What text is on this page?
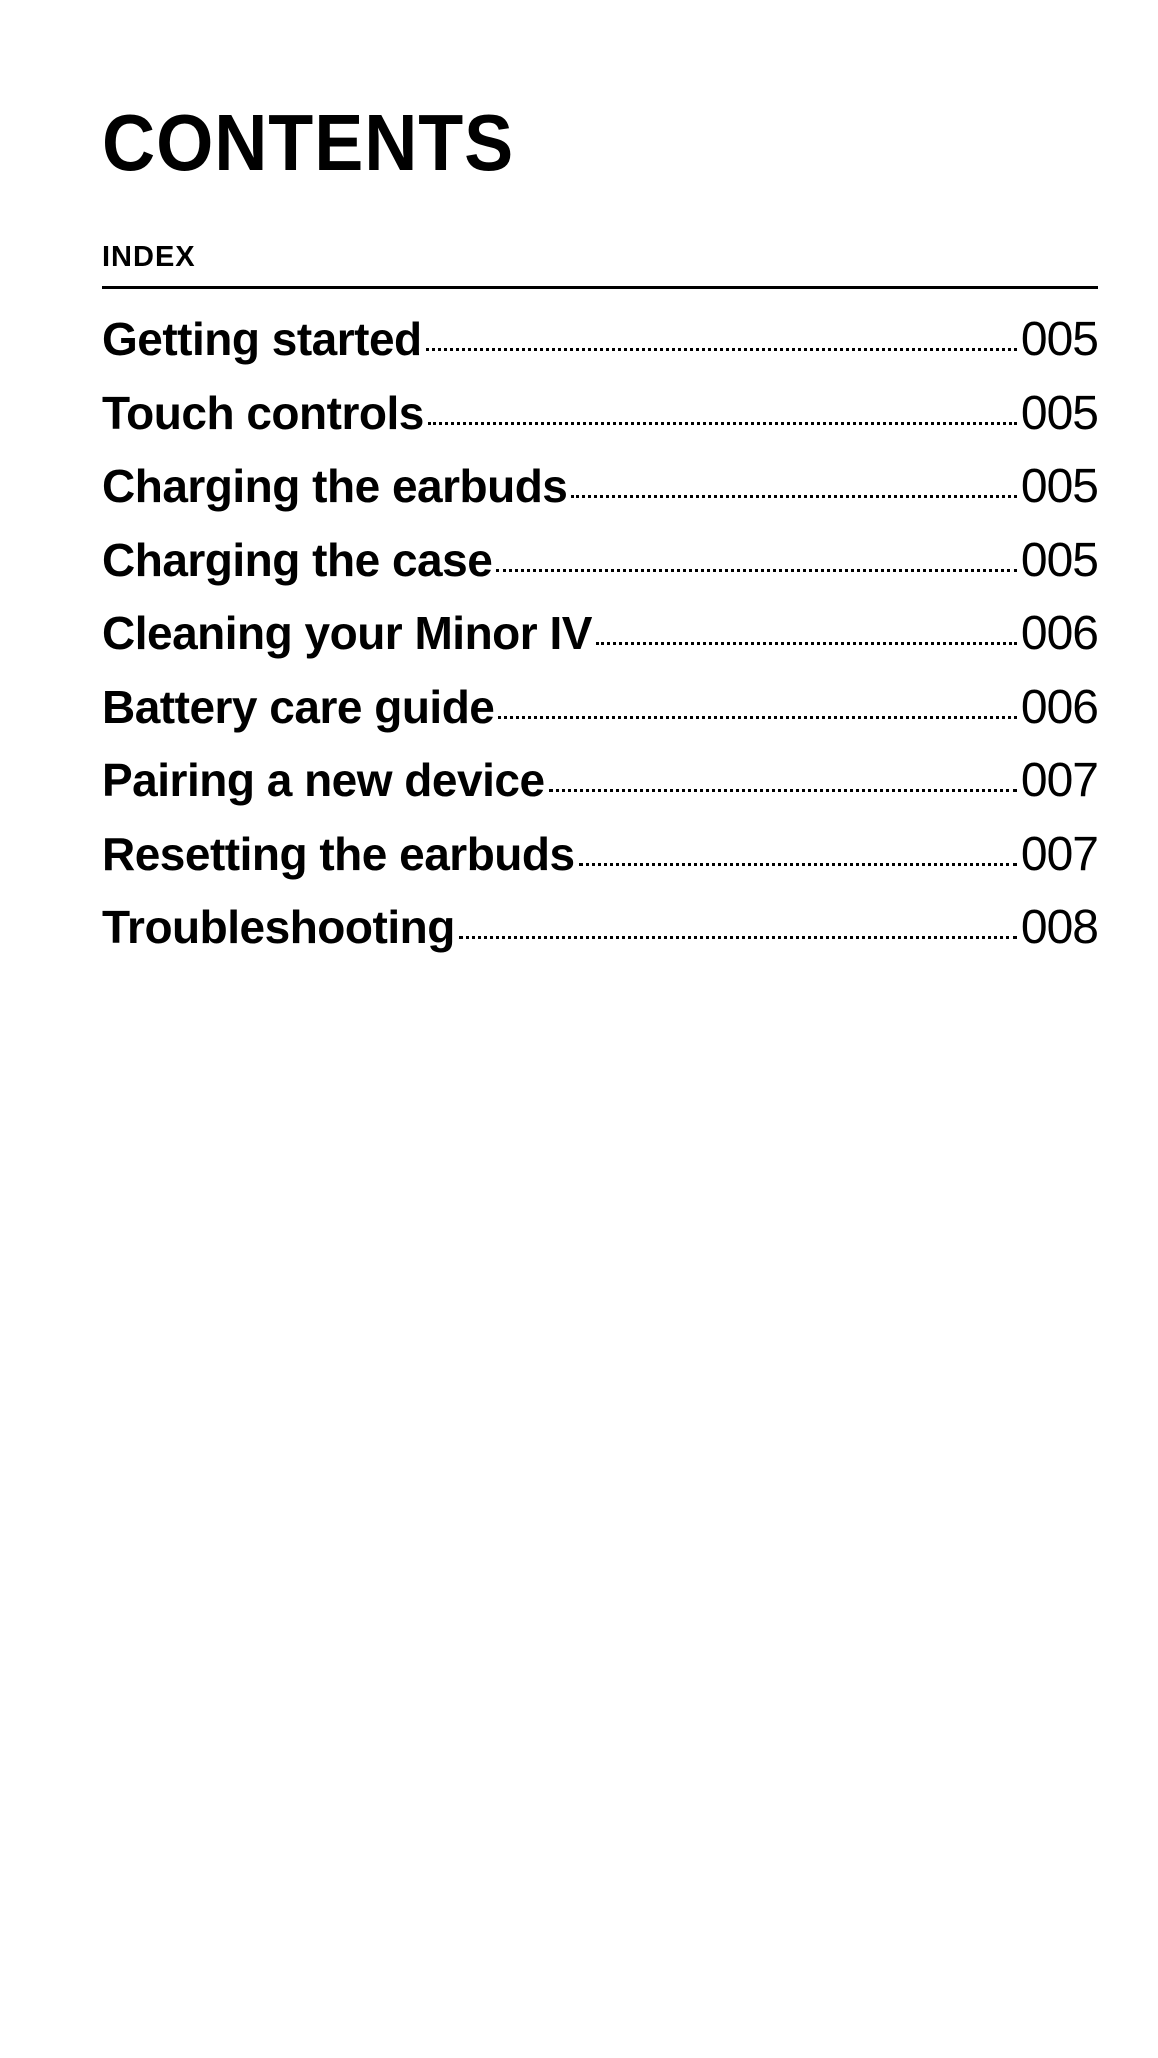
CONTENTS
INDEX
Getting started	005
Touch controls	005
Charging the earbuds	005
Charging the case	005
Cleaning your Minor IV	006
Battery care guide	006
Pairing a new device	007
Resetting the earbuds	007
Troubleshooting	008
